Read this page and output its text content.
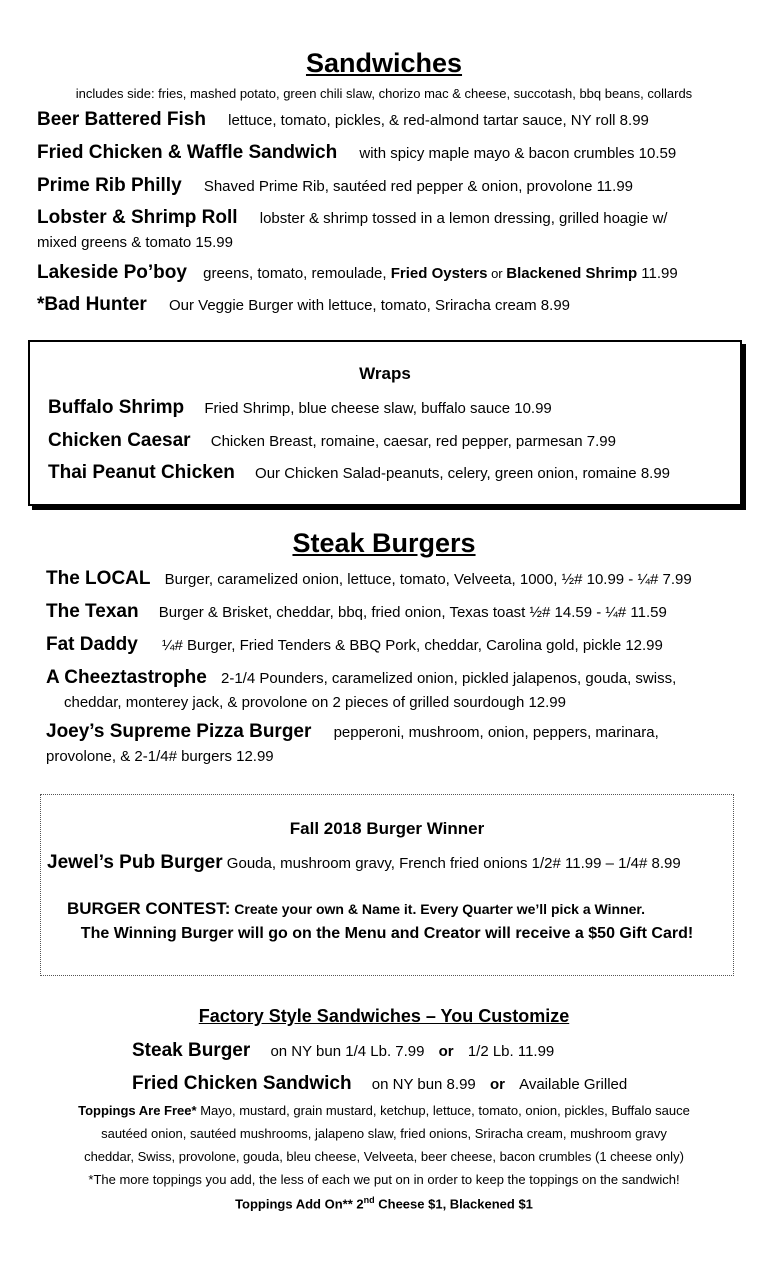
Sandwiches
includes side: fries, mashed potato, green chili slaw, chorizo mac & cheese, succotash, bbq beans, collards
Beer Battered Fish lettuce, tomato, pickles, & red-almond tartar sauce, NY roll 8.99
Fried Chicken & Waffle Sandwich with spicy maple mayo & bacon crumbles 10.59
Prime Rib Philly Shaved Prime Rib, sautéed red pepper & onion, provolone 11.99
Lobster & Shrimp Roll lobster & shrimp tossed in a lemon dressing, grilled hoagie w/
mixed greens & tomato 15.99
Lakeside Po’boy greens, tomato, remoulade, Fried Oysters or Blackened Shrimp 11.99
*Bad Hunter Our Veggie Burger with lettuce, tomato, Sriracha cream 8.99
Wraps
Buffalo Shrimp Fried Shrimp, blue cheese slaw, buffalo sauce 10.99
Chicken Caesar Chicken Breast, romaine, caesar, red pepper, parmesan 7.99
Thai Peanut Chicken Our Chicken Salad-peanuts, celery, green onion, romaine 8.99
Steak Burgers
The LOCAL Burger, caramelized onion, lettuce, tomato, Velveeta, 1000, ½# 10.99 - ¼# 7.99
The Texan Burger & Brisket, cheddar, bbq, fried onion, Texas toast ½# 14.59 - ¼# 11.59
Fat Daddy ¼# Burger, Fried Tenders & BBQ Pork, cheddar, Carolina gold, pickle 12.99
A Cheeztastrophe 2-1/4 Pounders, caramelized onion, pickled jalapenos, gouda, swiss,
cheddar, monterey jack, & provolone on 2 pieces of grilled sourdough 12.99
Joey’s Supreme Pizza Burger pepperoni, mushroom, onion, peppers, marinara,
provolone, & 2-1/4# burgers 12.99
Fall 2018 Burger Winner
Jewel’s Pub Burger Gouda, mushroom gravy, French fried onions 1/2# 11.99 – 1/4# 8.99
BURGER CONTEST: Create your own & Name it. Every Quarter we’ll pick a Winner.
The Winning Burger will go on the Menu and Creator will receive a $50 Gift Card!
Factory Style Sandwiches – You Customize
Steak Burger on NY bun 1/4 Lb. 7.99 or 1/2 Lb. 11.99
Fried Chicken Sandwich on NY bun 8.99 or Available Grilled
Toppings Are Free* Mayo, mustard, grain mustard, ketchup, lettuce, tomato, onion, pickles, Buffalo sauce
sautéed onion, sautéed mushrooms, jalapeno slaw, fried onions, Sriracha cream, mushroom gravy
cheddar, Swiss, provolone, gouda, bleu cheese, Velveeta, beer cheese, bacon crumbles (1 cheese only)
*The more toppings you add, the less of each we put on in order to keep the toppings on the sandwich!
Toppings Add On** 2nd Cheese $1, Blackened $1
